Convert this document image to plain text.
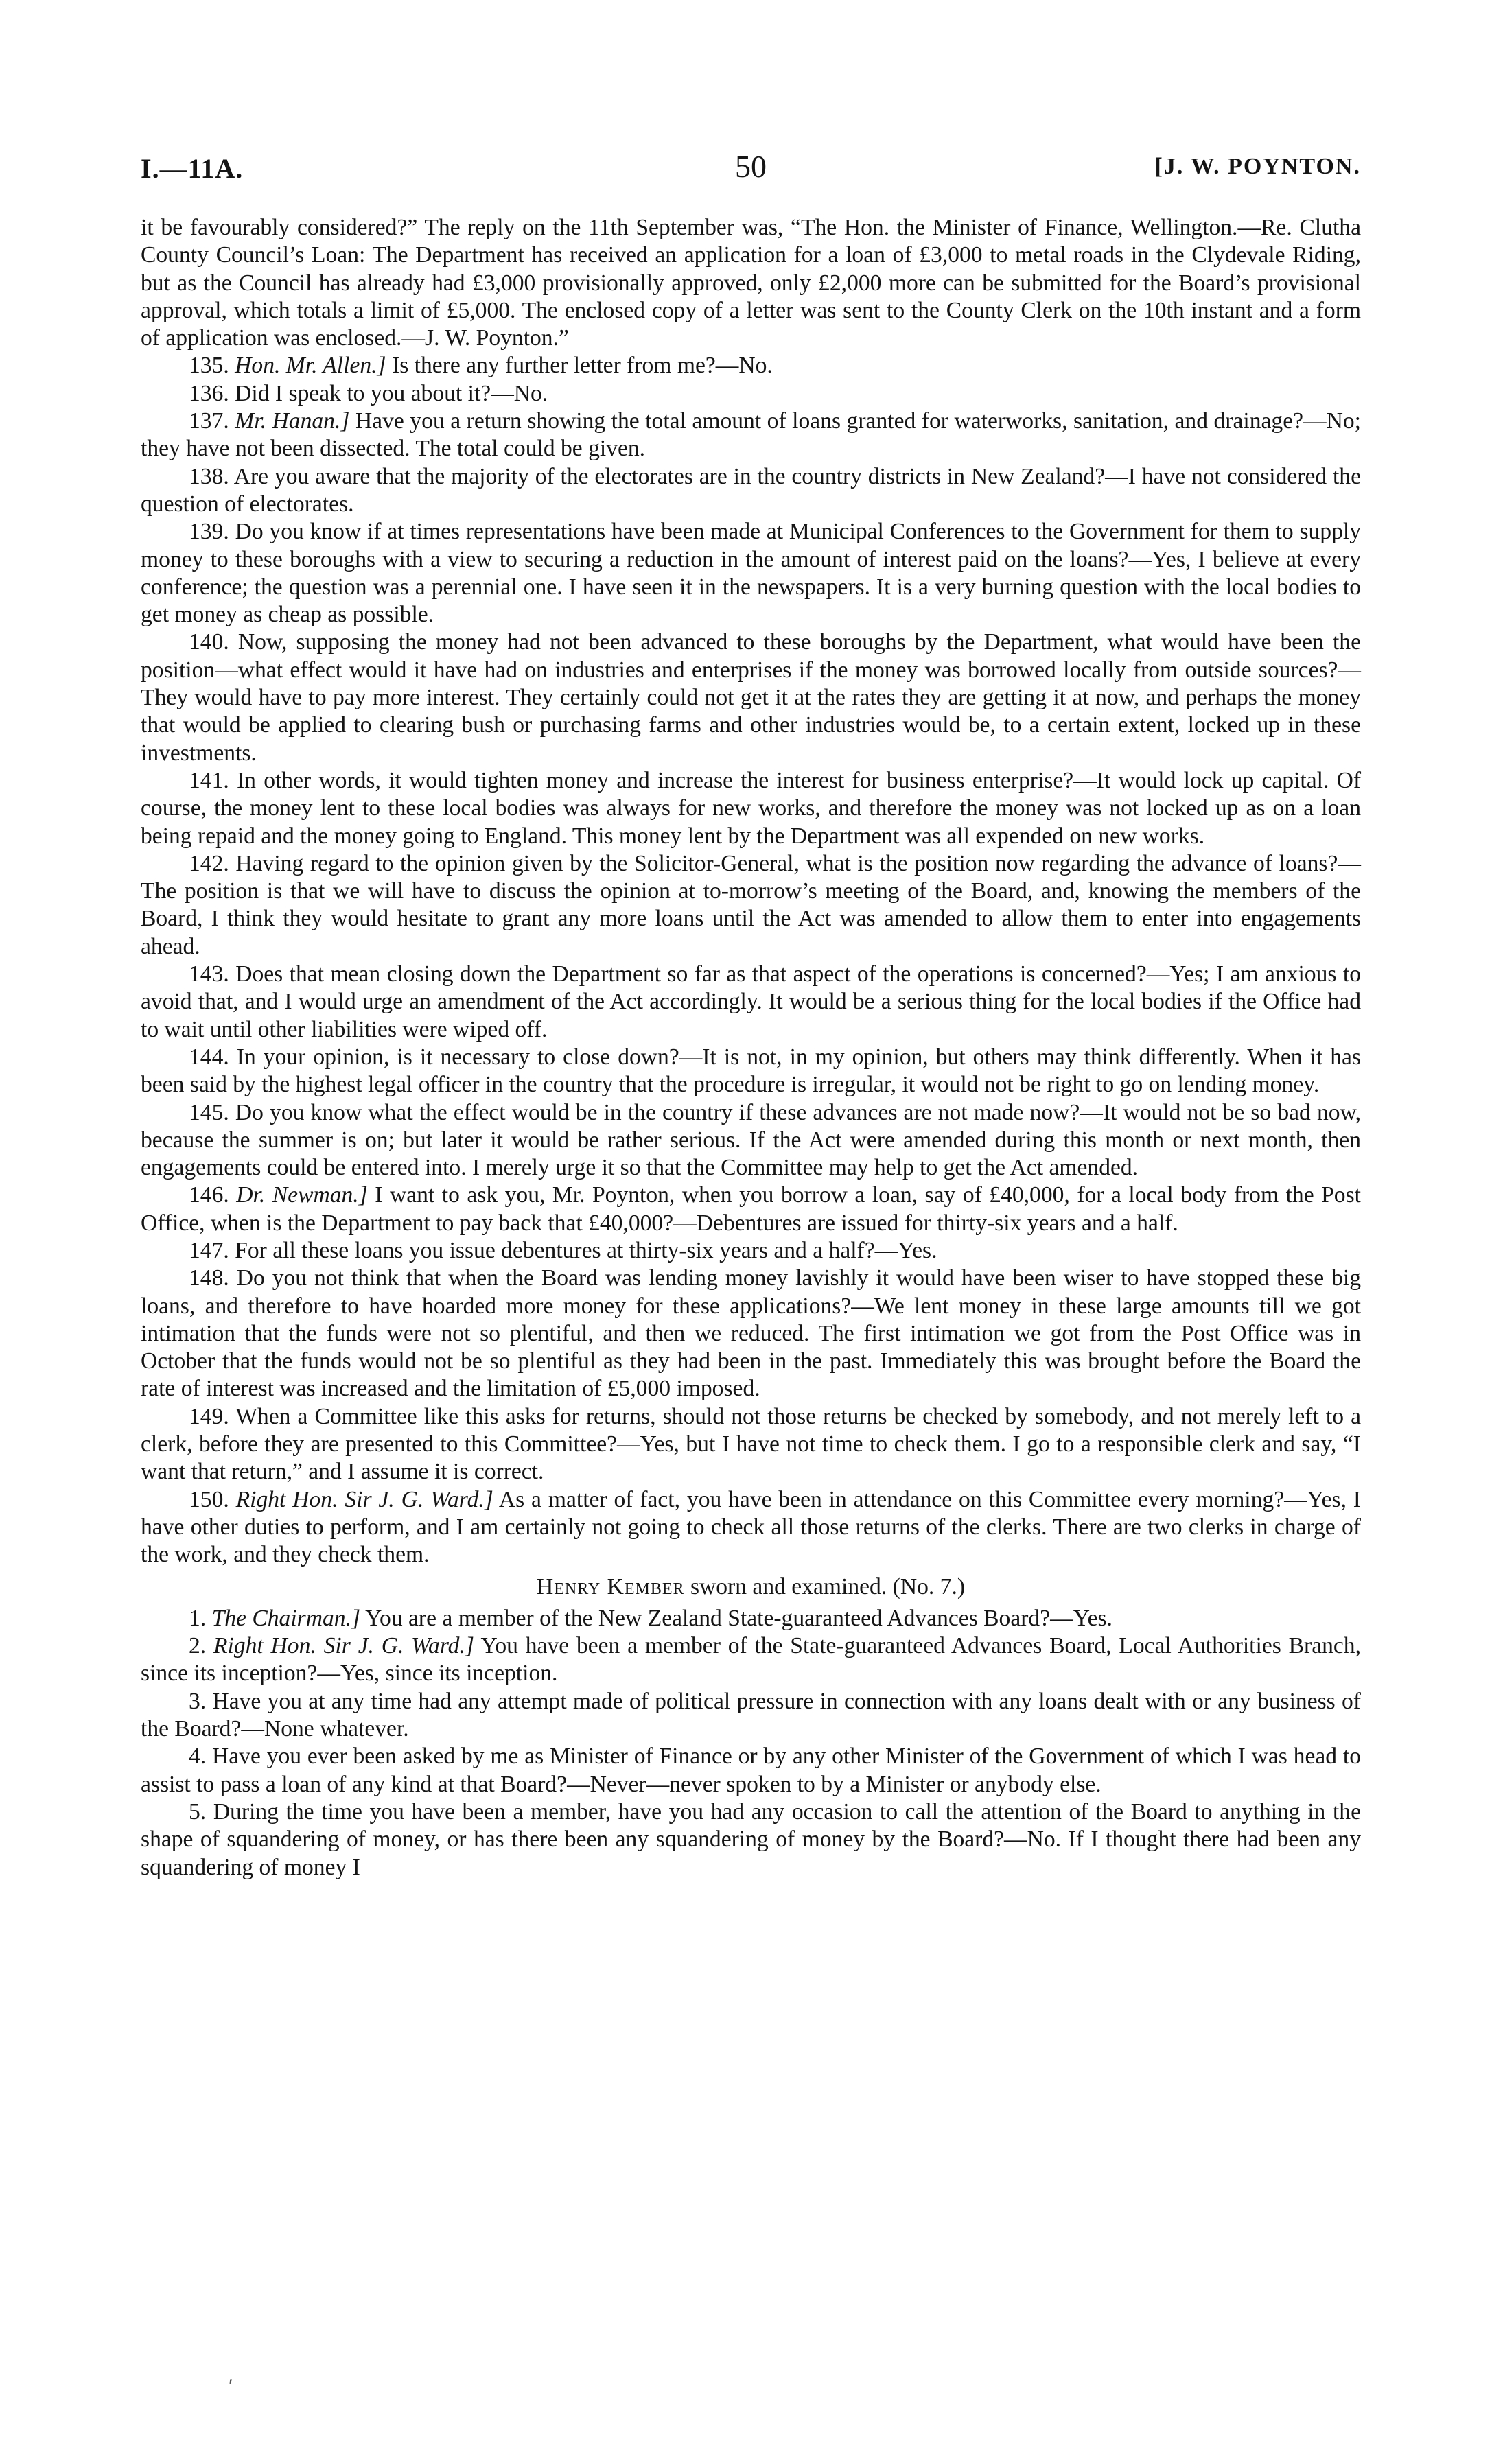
I.—11A.	50	[J. W. POYNTON.

it be favourably considered?” The reply on the 11th September was, “The Hon. the Minister of Finance, Wellington.—Re. Clutha County Council’s Loan: The Department has received an application for a loan of £3,000 to metal roads in the Clydevale Riding, but as the Council has already had £3,000 provisionally approved, only £2,000 more can be submitted for the Board’s provisional approval, which totals a limit of £5,000. The enclosed copy of a letter was sent to the County Clerk on the 10th instant and a form of application was enclosed.—J. W. Poynton.”

135. Hon. Mr. Allen.] Is there any further letter from me?—No.

136. Did I speak to you about it?—No.

137. Mr. Hanan.] Have you a return showing the total amount of loans granted for waterworks, sanitation, and drainage?—No; they have not been dissected. The total could be given.

138. Are you aware that the majority of the electorates are in the country districts in New Zealand?—I have not considered the question of electorates.

139. Do you know if at times representations have been made at Municipal Conferences to the Government for them to supply money to these boroughs with a view to securing a reduction in the amount of interest paid on the loans?—Yes, I believe at every conference; the question was a perennial one. I have seen it in the newspapers. It is a very burning question with the local bodies to get money as cheap as possible.

140. Now, supposing the money had not been advanced to these boroughs by the Department, what would have been the position—what effect would it have had on industries and enterprises if the money was borrowed locally from outside sources?—They would have to pay more interest. They certainly could not get it at the rates they are getting it at now, and perhaps the money that would be applied to clearing bush or purchasing farms and other industries would be, to a certain extent, locked up in these investments.

141. In other words, it would tighten money and increase the interest for business enterprise?—It would lock up capital. Of course, the money lent to these local bodies was always for new works, and therefore the money was not locked up as on a loan being repaid and the money going to England. This money lent by the Department was all expended on new works.

142. Having regard to the opinion given by the Solicitor-General, what is the position now regarding the advance of loans?—The position is that we will have to discuss the opinion at to-morrow’s meeting of the Board, and, knowing the members of the Board, I think they would hesitate to grant any more loans until the Act was amended to allow them to enter into engagements ahead.

143. Does that mean closing down the Department so far as that aspect of the operations is concerned?—Yes; I am anxious to avoid that, and I would urge an amendment of the Act accordingly. It would be a serious thing for the local bodies if the Office had to wait until other liabilities were wiped off.

144. In your opinion, is it necessary to close down?—It is not, in my opinion, but others may think differently. When it has been said by the highest legal officer in the country that the procedure is irregular, it would not be right to go on lending money.

145. Do you know what the effect would be in the country if these advances are not made now?—It would not be so bad now, because the summer is on; but later it would be rather serious. If the Act were amended during this month or next month, then engagements could be entered into. I merely urge it so that the Committee may help to get the Act amended.

146. Dr. Newman.] I want to ask you, Mr. Poynton, when you borrow a loan, say of £40,000, for a local body from the Post Office, when is the Department to pay back that £40,000?—Debentures are issued for thirty-six years and a half.

147. For all these loans you issue debentures at thirty-six years and a half?—Yes.

148. Do you not think that when the Board was lending money lavishly it would have been wiser to have stopped these big loans, and therefore to have hoarded more money for these applications?—We lent money in these large amounts till we got intimation that the funds were not so plentiful, and then we reduced. The first intimation we got from the Post Office was in October that the funds would not be so plentiful as they had been in the past. Immediately this was brought before the Board the rate of interest was increased and the limitation of £5,000 imposed.

149. When a Committee like this asks for returns, should not those returns be checked by somebody, and not merely left to a clerk, before they are presented to this Committee?—Yes, but I have not time to check them. I go to a responsible clerk and say, “I want that return,” and I assume it is correct.

150. Right Hon. Sir J. G. Ward.] As a matter of fact, you have been in attendance on this Committee every morning?—Yes, I have other duties to perform, and I am certainly not going to check all those returns of the clerks. There are two clerks in charge of the work, and they check them.

Henry Kember sworn and examined. (No. 7.)

1. The Chairman.] You are a member of the New Zealand State-guaranteed Advances Board?—Yes.

2. Right Hon. Sir J. G. Ward.] You have been a member of the State-guaranteed Advances Board, Local Authorities Branch, since its inception?—Yes, since its inception.

3. Have you at any time had any attempt made of political pressure in connection with any loans dealt with or any business of the Board?—None whatever.

4. Have you ever been asked by me as Minister of Finance or by any other Minister of the Government of which I was head to assist to pass a loan of any kind at that Board?—Never—never spoken to by a Minister or anybody else.

5. During the time you have been a member, have you had any occasion to call the attention of the Board to anything in the shape of squandering of money, or has there been any squandering of money by the Board?—No. If I thought there had been any squandering of money I

′
